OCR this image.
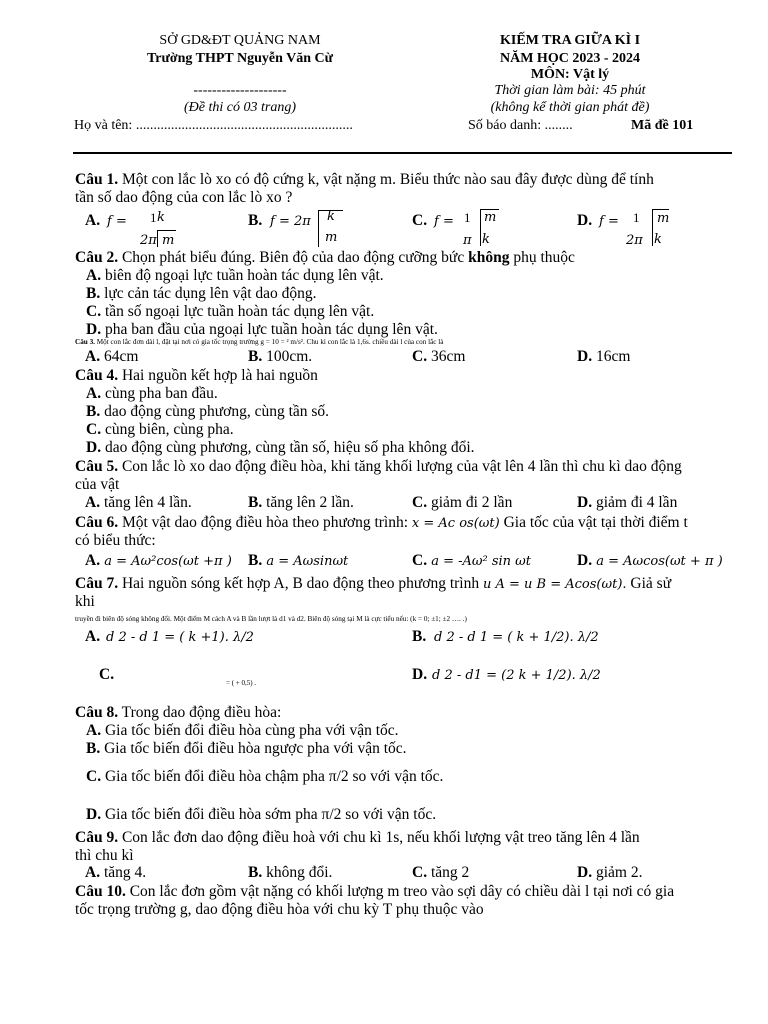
SỞ GD&ĐT QUẢNG NAM
Trường THPT Nguyễn Văn Cừ
--------------------
(Đề thi có 03 trang)
Họ và tên: ..............................................................
KIẾM TRA GIỮA KÌ I
NĂM HỌC 2023 - 2024
MÔN: Vật lý
Thời gian làm bài: 45 phút
(không kể thời gian phát đề)
Số báo danh: ........	Mã đề 101
Câu 1. Một con lắc lò xo có độ cứng k, vật nặng m. Biểu thức nào sau đây được dùng để tính
tần số dao động của con lắc lò xo ?
A. f = 1 k
2π m
B. f = 2π k
m
C. f = 1
π
m
k
D. f = 1
2π
m
k
Câu 2. Chọn phát biểu đúng. Biên độ của dao động cưỡng bức không phụ thuộc
A. biên độ ngoại lực tuần hoàn tác dụng lên vật.
B. lực cản tác dụng lên vật dao động.
C. tần số ngoại lực tuần hoàn tác dụng lên vật.
D. pha ban đầu của ngoại lực tuần hoàn tác dụng lên vật.
Câu 3. Một con lắc đơn dài l, đặt tại nơi có gia tốc trọng trường g = 10 = ² m/s². Chu kì con lắc là 1,6s. chiều dài l của con lắc là
A. 64cm	B. 100cm.	C. 36cm	D. 16cm
Câu 4. Hai nguồn kết hợp là hai nguồn
A. cùng pha ban đầu.
B. dao động cùng phương, cùng tần số.
C. cùng biên, cùng pha.
D. dao động cùng phương, cùng tần số, hiệu số pha không đổi.
Câu 5. Con lắc lò xo dao động điều hòa, khi tăng khối lượng của vật lên 4 lần thì chu kì dao động
của vật
A. tăng lên 4 lần.	B. tăng lên 2 lần.	C. giảm đi 2 lần	D. giảm đi 4 lần
Câu 6. Một vật dao động điều hòa theo phương trình: x = Ac os(ωt) Gia tốc của vật tại thời điểm t
có biểu thức:
A. a = Aω²cos(ωt +π ) B. a = Aωsinωt	C. a = -Aω² sin ωt	D. a = Aωcos(ωt + π )
Câu 7. Hai nguồn sóng kết hợp A, B dao động theo phương trình u A = u B = Acos(ωt). Giả sử
khi
truyền đi biên độ sóng không đổi. Một điểm M cách A và B lần lượt là d1 và d2. Biên độ sóng tại M là cực tiểu nếu: (k = 0; ±1; ±2 …. .)
A. d 2 - d 1 = ( k +1). λ/2	B. d 2 - d 1 = ( k + 1/2). λ/2
C.	= ( + 0,5) .	D. d 2 - d1 = (2 k + 1/2). λ/2
Câu 8. Trong dao động điều hòa:
A. Gia tốc biến đổi điều hòa cùng pha với vận tốc.
B. Gia tốc biến đổi điều hòa ngược pha với vận tốc.
C. Gia tốc biến đổi điều hòa chậm pha π/2 so với vận tốc.
D. Gia tốc biến đổi điều hòa sớm pha π/2 so với vận tốc.
Câu 9. Con lắc đơn dao động điều hoà với chu kì 1s, nếu khối lượng vật treo tăng lên 4 lần
thì chu kì
A. tăng 4.	B. không đổi.	C. tăng 2	D. giảm 2.
Câu 10. Con lắc đơn gồm vật nặng có khối lượng m treo vào sợi dây có chiều dài l tại nơi có gia
tốc trọng trường g, dao động điều hòa với chu kỳ T phụ thuộc vào
